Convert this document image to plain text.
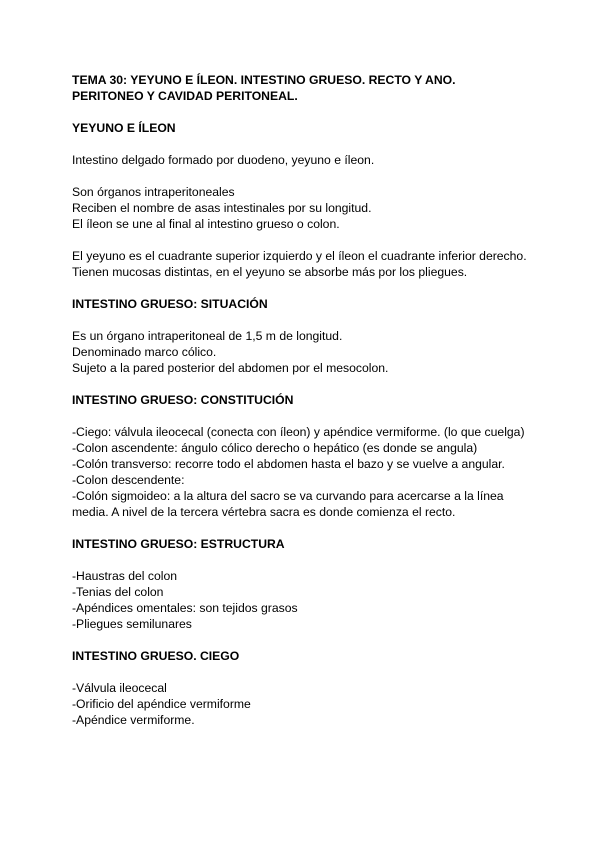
TEMA 30: YEYUNO E ÍLEON. INTESTINO GRUESO. RECTO Y ANO.
PERITONEO Y CAVIDAD PERITONEAL.
YEYUNO E ÍLEON
Intestino delgado formado por duodeno, yeyuno e íleon.
Son órganos intraperitoneales
Reciben el nombre de asas intestinales por su longitud.
El íleon se une al final al intestino grueso o colon.
El yeyuno es el cuadrante superior izquierdo y el íleon el cuadrante inferior derecho.
Tienen mucosas distintas, en el yeyuno se absorbe más por los pliegues.
INTESTINO GRUESO: SITUACIÓN
Es un órgano intraperitoneal de 1,5 m de longitud.
Denominado marco cólico.
Sujeto a la pared posterior del abdomen por el mesocolon.
INTESTINO GRUESO: CONSTITUCIÓN
-Ciego: válvula ileocecal (conecta con íleon) y apéndice vermiforme. (lo que cuelga)
-Colon ascendente: ángulo cólico derecho o hepático (es donde se angula)
-Colón transverso: recorre todo el abdomen hasta el bazo y se vuelve a angular.
-Colon descendente:
-Colón sigmoideo: a la altura del sacro se va curvando para acercarse a la línea
media. A nivel de la tercera vértebra sacra es donde comienza el recto.
INTESTINO GRUESO: ESTRUCTURA
-Haustras del colon
-Tenias del colon
-Apéndices omentales: son tejidos grasos
-Pliegues semilunares
INTESTINO GRUESO. CIEGO
-Válvula ileocecal
-Orificio del apéndice vermiforme
-Apéndice vermiforme.
